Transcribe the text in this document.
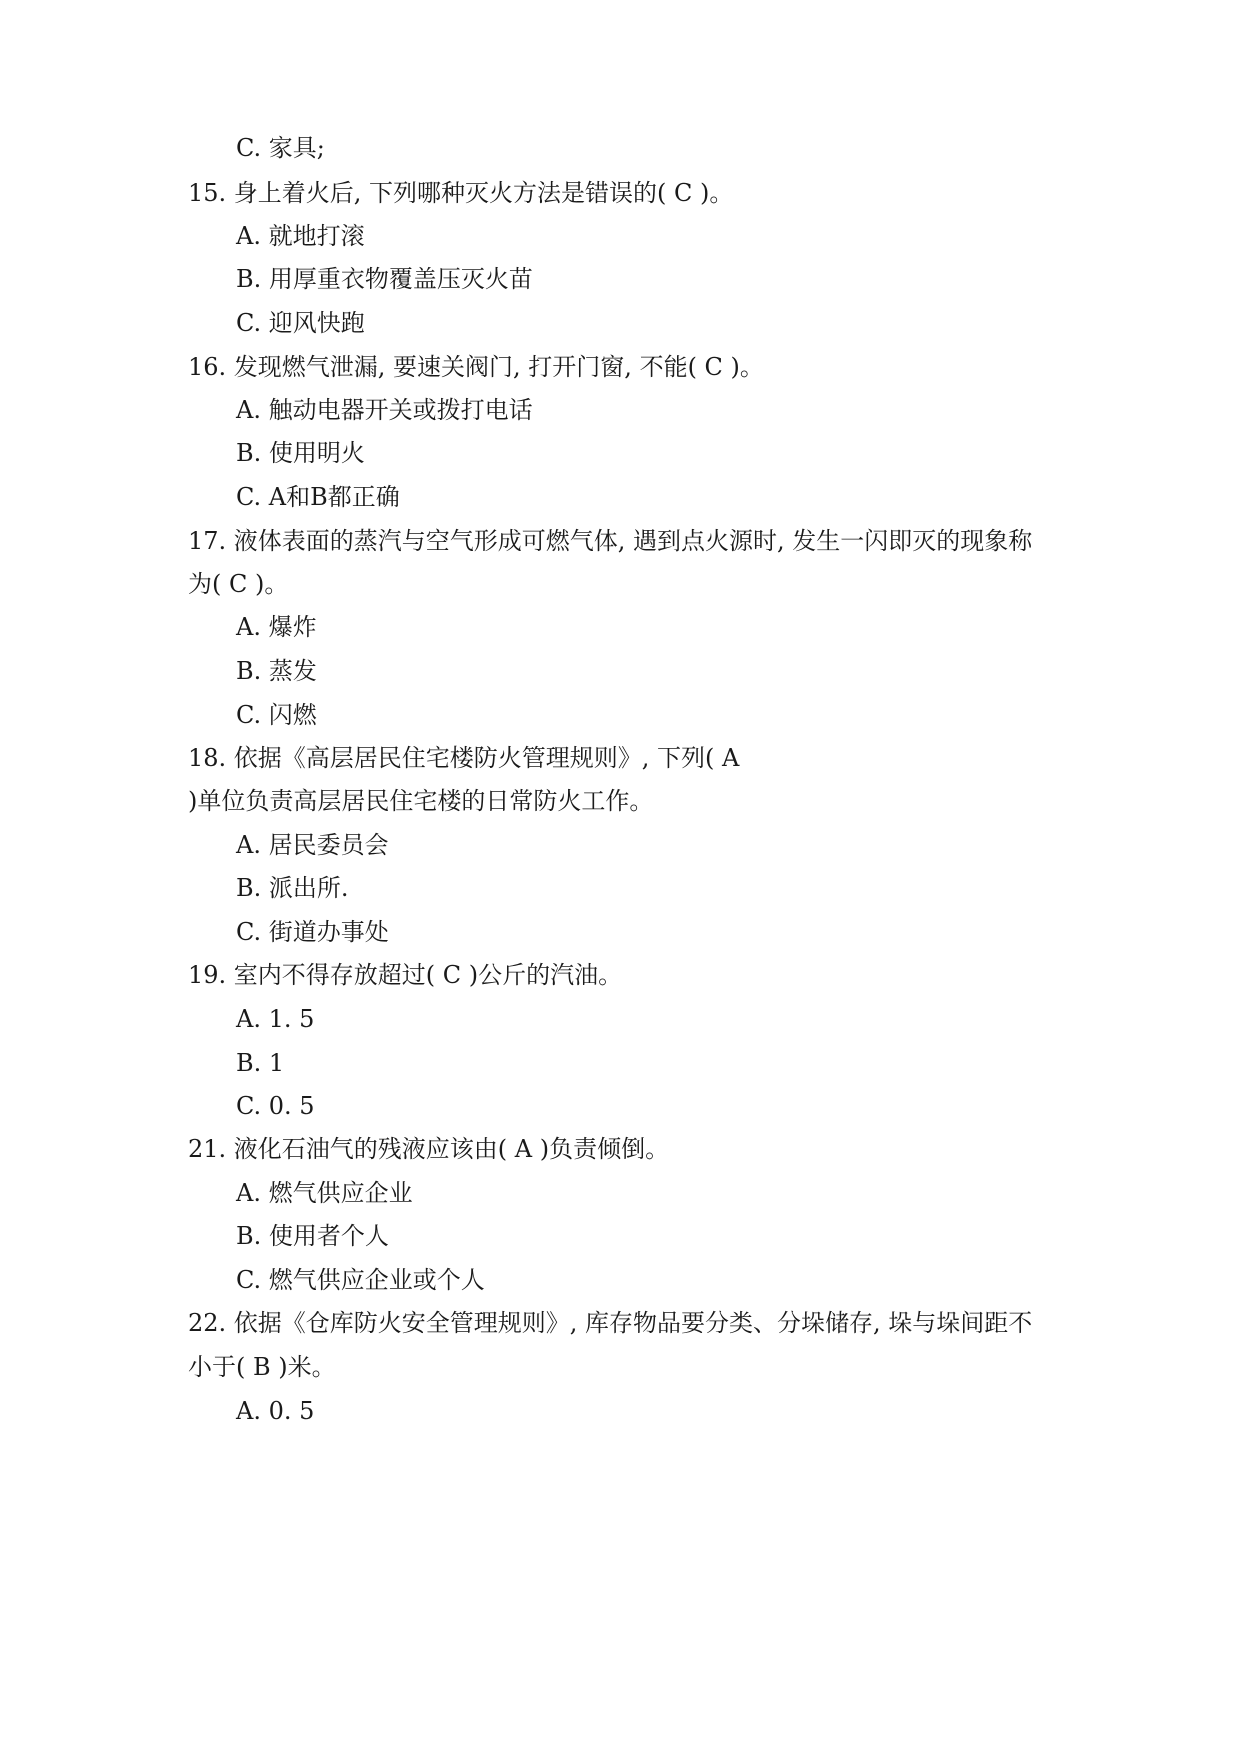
C. 家具;
15. 身上着火后, 下列哪种灭火方法是错误的( C )。
A. 就地打滚
B. 用厚重衣物覆盖压灭火苗
C. 迎风快跑
16. 发现燃气泄漏, 要速关阀门, 打开门窗, 不能( C )。
A. 触动电器开关或拨打电话
B. 使用明火
C. A和B都正确
17. 液体表面的蒸汽与空气形成可燃气体, 遇到点火源时, 发生一闪即灭的现象称
为( C )。
A. 爆炸
B. 蒸发
C. 闪燃
18. 依据《高层居民住宅楼防火管理规则》, 下列( A
)单位负责高层居民住宅楼的日常防火工作。
A. 居民委员会
B. 派出所.
C. 街道办事处
19. 室内不得存放超过( C )公斤的汽油。
A. 1. 5
B. 1
C. 0. 5
21. 液化石油气的残液应该由( A )负责倾倒。
A. 燃气供应企业
B. 使用者个人
C. 燃气供应企业或个人
22. 依据《仓库防火安全管理规则》, 库存物品要分类、分垛储存, 垛与垛间距不
小于( B )米。
A. 0. 5
